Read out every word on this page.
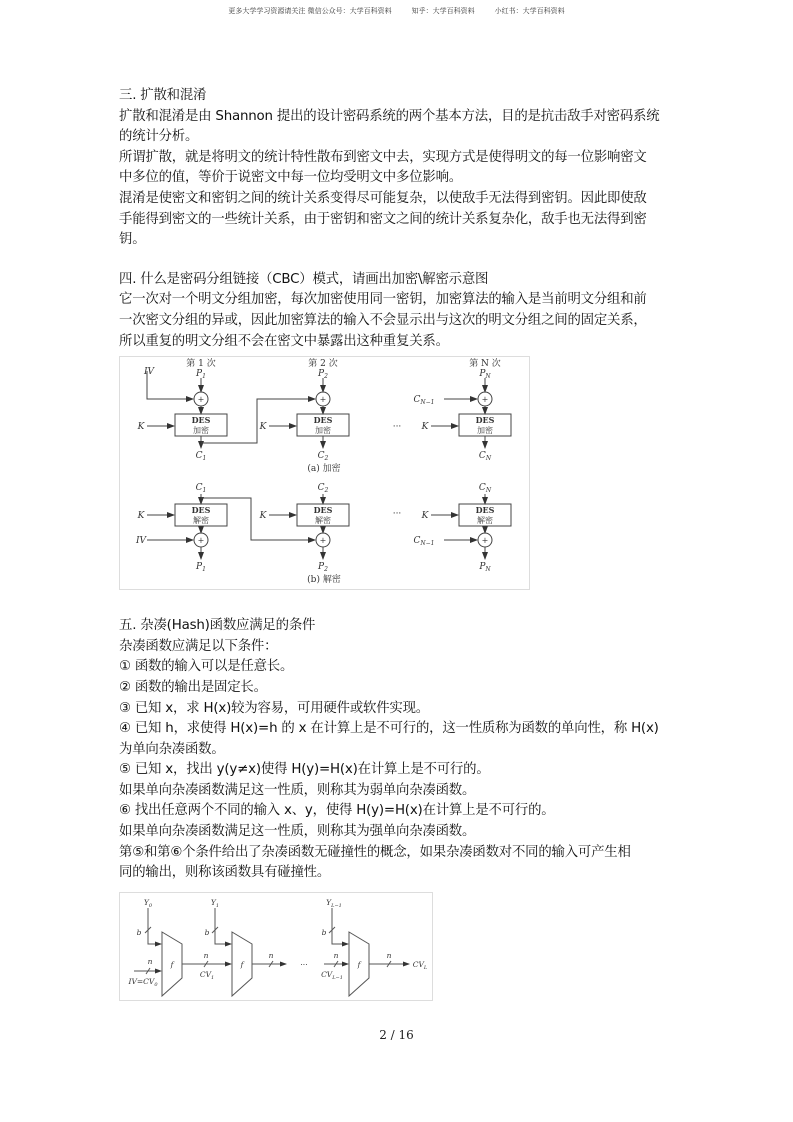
更多大学学习资源请关注 微信公众号：大学百科资料	知乎：大学百科资料	小红书：大学百科资料
三. 扩散和混淆
扩散和混淆是由 Shannon 提出的设计密码系统的两个基本方法，目的是抗击敌手对密码系统
的统计分析。
所谓扩散，就是将明文的统计特性散布到密文中去，实现方式是使得明文的每一位影响密文
中多位的值，等价于说密文中每一位均受明文中多位影响。
混淆是使密文和密钥之间的统计关系变得尽可能复杂，以使敌手无法得到密钥。因此即使敌
手能得到密文的一些统计关系，由于密钥和密文之间的统计关系复杂化，敌手也无法得到密
钥。
四. 什么是密码分组链接（CBC）模式，请画出加密\解密示意图
它一次对一个明文分组加密，每次加密使用同一密钥，加密算法的输入是当前明文分组和前
一次密文分组的异或，因此加密算法的输入不会显示出与这次的明文分组之间的固定关系，
所以重复的明文分组不会在密文中暴露出这种重复关系。
第 1 次	第 2 次	第 N 次
$P_1$	$P_2$	$P_N$
IV
+	+	+
$C_{N-1}$
DES
加密
DES
加密
DES
加密
K	K	K
···
$C_1$	$C_2$	$C_N$
(a) 加密
$C_1$	$C_2$	$C_N$
DES
解密
DES
解密
DES
解密
K	K	K
···
+	+	+
IV	$C_{N-1}$
$P_1$	$P_2$	$P_N$
(b) 解密
五. 杂凑(Hash)函数应满足的条件
杂凑函数应满足以下条件：
① 函数的输入可以是任意长。
② 函数的输出是固定长。
③ 已知 x，求 H(x)较为容易，可用硬件或软件实现。
④ 已知 h，求使得 H(x)=h 的 x 在计算上是不可行的，这一性质称为函数的单向性，称 H(x)
为单向杂凑函数。
⑤ 已知 x，找出 y(y≠x)使得 H(y)=H(x)在计算上是不可行的。
如果单向杂凑函数满足这一性质，则称其为弱单向杂凑函数。
⑥ 找出任意两个不同的输入 x、y，使得 H(y)=H(x)在计算上是不可行的。
如果单向杂凑函数满足这一性质，则称其为强单向杂凑函数。
第⑤和第⑥个条件给出了杂凑函数无碰撞性的概念，如果杂凑函数对不同的输入可产生相
同的输出，则称该函数具有碰撞性。
$Y_0$	$Y_1$	$Y_{L-1}$
b	b	b
f	f	f
n
n	n	n	n
$IV=CV_0$
$CV_1$	$CV_{L-1}$
$CV_L$
···
2 / 16
